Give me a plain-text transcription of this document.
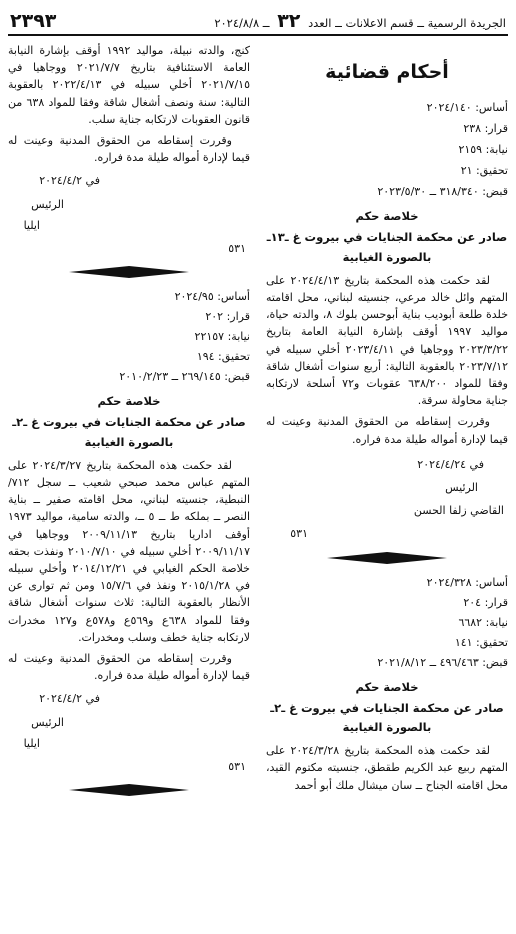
الجريدة الرسمية ــ قسم الاعلانات ــ العدد ٣٢ ــ ٢٠٢٤/٨/٨
٢٣٩٣
أحكام قضائية
أساس: ٢٠٢٤/١٤٠
قرار: ٢٣٨
نيابة: ٢١٥٩
تحقيق: ٢١
قبض: ٣١٨/٣٤٠ ــ ٢٠٢٣/٥/٣٠
خلاصة حكم
صادر عن محكمة الجنايات في بيروت غ ـ١٣ـ
بالصورة الغيابية

لقد حكمت هذه المحكمة بتاريخ ٢٠٢٤/٤/١٣ على المتهم وائل خالد مرعي، جنسيته لبناني، محل اقامته خلدة طلعة أبوديب بناية أبوحسن بلوك ٨، والدته حياة، مواليد ١٩٩٧ أوقف بإشارة النيابة العامة بتاريخ ٢٠٢٣/٣/٢٢ ووجاهيا في ٢٠٢٣/٤/١١ أخلي سبيله في ٢٠٢٣/٧/١٢ بالعقوبة التالية: أربع سنوات أشغال شاقة وفقا للمواد ٦٣٨/٢٠٠ عقوبات و٧٢ أسلحة لارتكابه جناية محاولة سرقة.

وقررت إسقاطه من الحقوق المدنية وعينت له قيما لإدارة أمواله طيلة مدة فراره.

في ٢٠٢٤/٤/٢٤
الرئيس
القاضي زلفا الحسن
٥٣١
أساس: ٢٠٢٤/٣٢٨
قرار: ٢٠٤
نيابة: ٦٦٨٢
تحقيق: ١٤١
قبض: ٤٩٦/٤٦٣ ــ ٢٠٢١/٨/١٢
خلاصة حكم
صادر عن محكمة الجنايات في بيروت غ ـ٢ـ
بالصورة الغيابية

لقد حكمت هذه المحكمة بتاريخ ٢٠٢٤/٣/٢٨ على المتهم ربيع عبد الكريم طقطق، جنسيته مكتوم القيد، محل اقامته الجناح ــ سان ميشال ملك أبو أحمد

كنج، والدته نبيلة، مواليد ١٩٩٢ أوقف بإشارة النيابة العامة الاستئنافية بتاريخ ٢٠٢١/٧/٧ ووجاهيا في ٢٠٢١/٧/١٥ أخلي سبيله في ٢٠٢٢/٤/١٣ بالعقوبة التالية: سنة ونصف أشغال شاقة وفقا للمواد ٦٣٨ من قانون العقوبات لارتكابه جناية سلب.

وقررت إسقاطه من الحقوق المدنية وعينت له قيما لإدارة أمواله طيلة مدة فراره.

في ٢٠٢٤/٤/٢
الرئيس
ايليا
٥٣١
أساس: ٢٠٢٤/٩٥
قرار: ٢٠٢
نيابة: ٢٢١٥٧
تحقيق: ١٩٤
قبض: ٢٦٩/١٤٥ ــ ٢٠١٠/٢/٢٣
خلاصة حكم
صادر عن محكمة الجنايات في بيروت غ ـ٢ـ
بالصورة الغيابية

لقد حكمت هذه المحكمة بتاريخ ٢٠٢٤/٣/٢٧ على المتهم عباس محمد صبحي شعيب ــ سجل ٧١٢/ النبطية، جنسيته لبناني، محل اقامته صفير ــ بناية النصر ــ بملكه ط ــ ٥ ــ، والدته سامية، مواليد ١٩٧٣ أوقف اداريا بتاريخ ٢٠٠٩/١١/١٣ ووجاهيا في ٢٠٠٩/١١/١٧ أخلي سبيله في ٢٠١٠/٧/١٠ ونفذت بحقه خلاصة الحكم الغيابي في ٢٠١٤/١٢/٢١ وأخلي سبيله في ٢٠١٥/١/٢٨ ونفذ في ١٥/٧/٦ ومن ثم توارى عن الأنظار بالعقوبة التالية: ثلاث سنوات أشغال شاقة وفقا للمواد ٦٣٨ع و٥٦٩ع و٥٧٨ع و١٢٧ مخدرات لارتكابه جناية خطف وسلب ومخدرات.

وقررت إسقاطه من الحقوق المدنية وعينت له قيما لإدارة أمواله طيلة مدة فراره.

في ٢٠٢٤/٤/٢
الرئيس
ايليا
٥٣١
